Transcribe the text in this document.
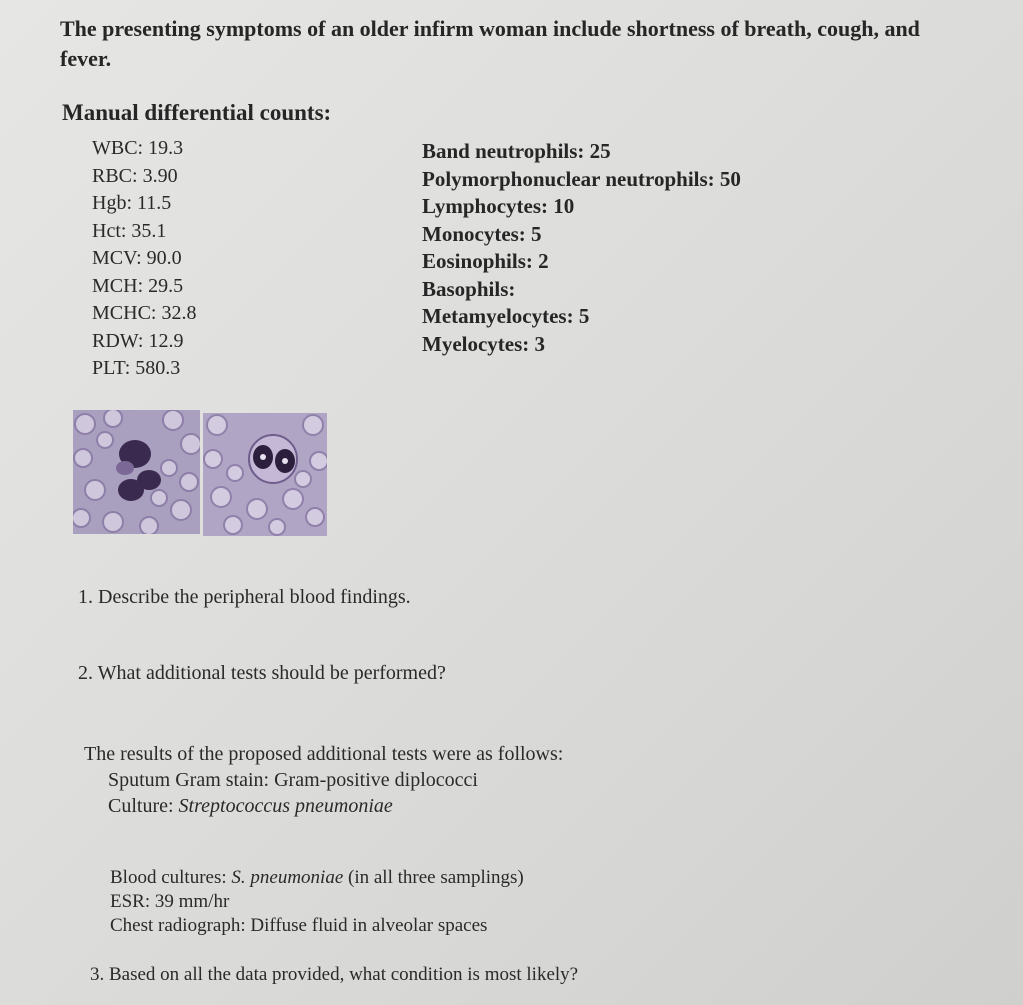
The presenting symptoms of an older infirm woman include shortness of breath, cough, and
fever.
Manual differential counts:
WBC: 19.3
RBC: 3.90
Hgb: 11.5
Hct: 35.1
MCV: 90.0
MCH: 29.5
MCHC: 32.8
RDW: 12.9
PLT: 580.3
Band neutrophils: 25
Polymorphonuclear neutrophils: 50
Lymphocytes: 10
Monocytes: 5
Eosinophils: 2
Basophils:
Metamyelocytes: 5
Myelocytes: 3
1. Describe the peripheral blood findings.
2. What additional tests should be performed?
The results of the proposed additional tests were as follows:
Sputum Gram stain: Gram-positive diplococci
Culture: Streptococcus pneumoniae
Blood cultures: S. pneumoniae (in all three samplings)
ESR: 39 mm/hr
Chest radiograph: Diffuse fluid in alveolar spaces
3. Based on all the data provided, what condition is most likely?
